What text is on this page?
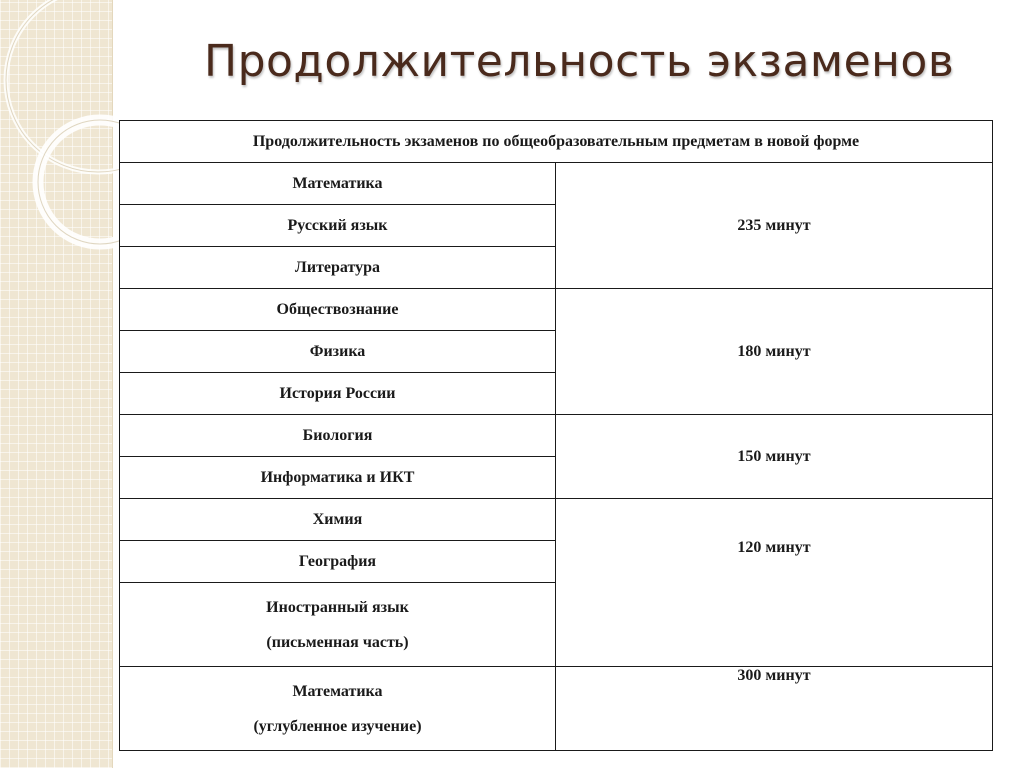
Продолжительность экзаменов
Продолжительность экзаменов по общеобразовательным предметам в новой форме	
Математика	235 минут
Русский язык	
Литература	
Обществознание	180 минут
Физика	
История России	
Биология	150 минут
Информатика и ИКТ	
Химия	120 минут
География	

Иностранный язык
(письменная часть)	

Математика
(углубленное изучение)	300 минут
